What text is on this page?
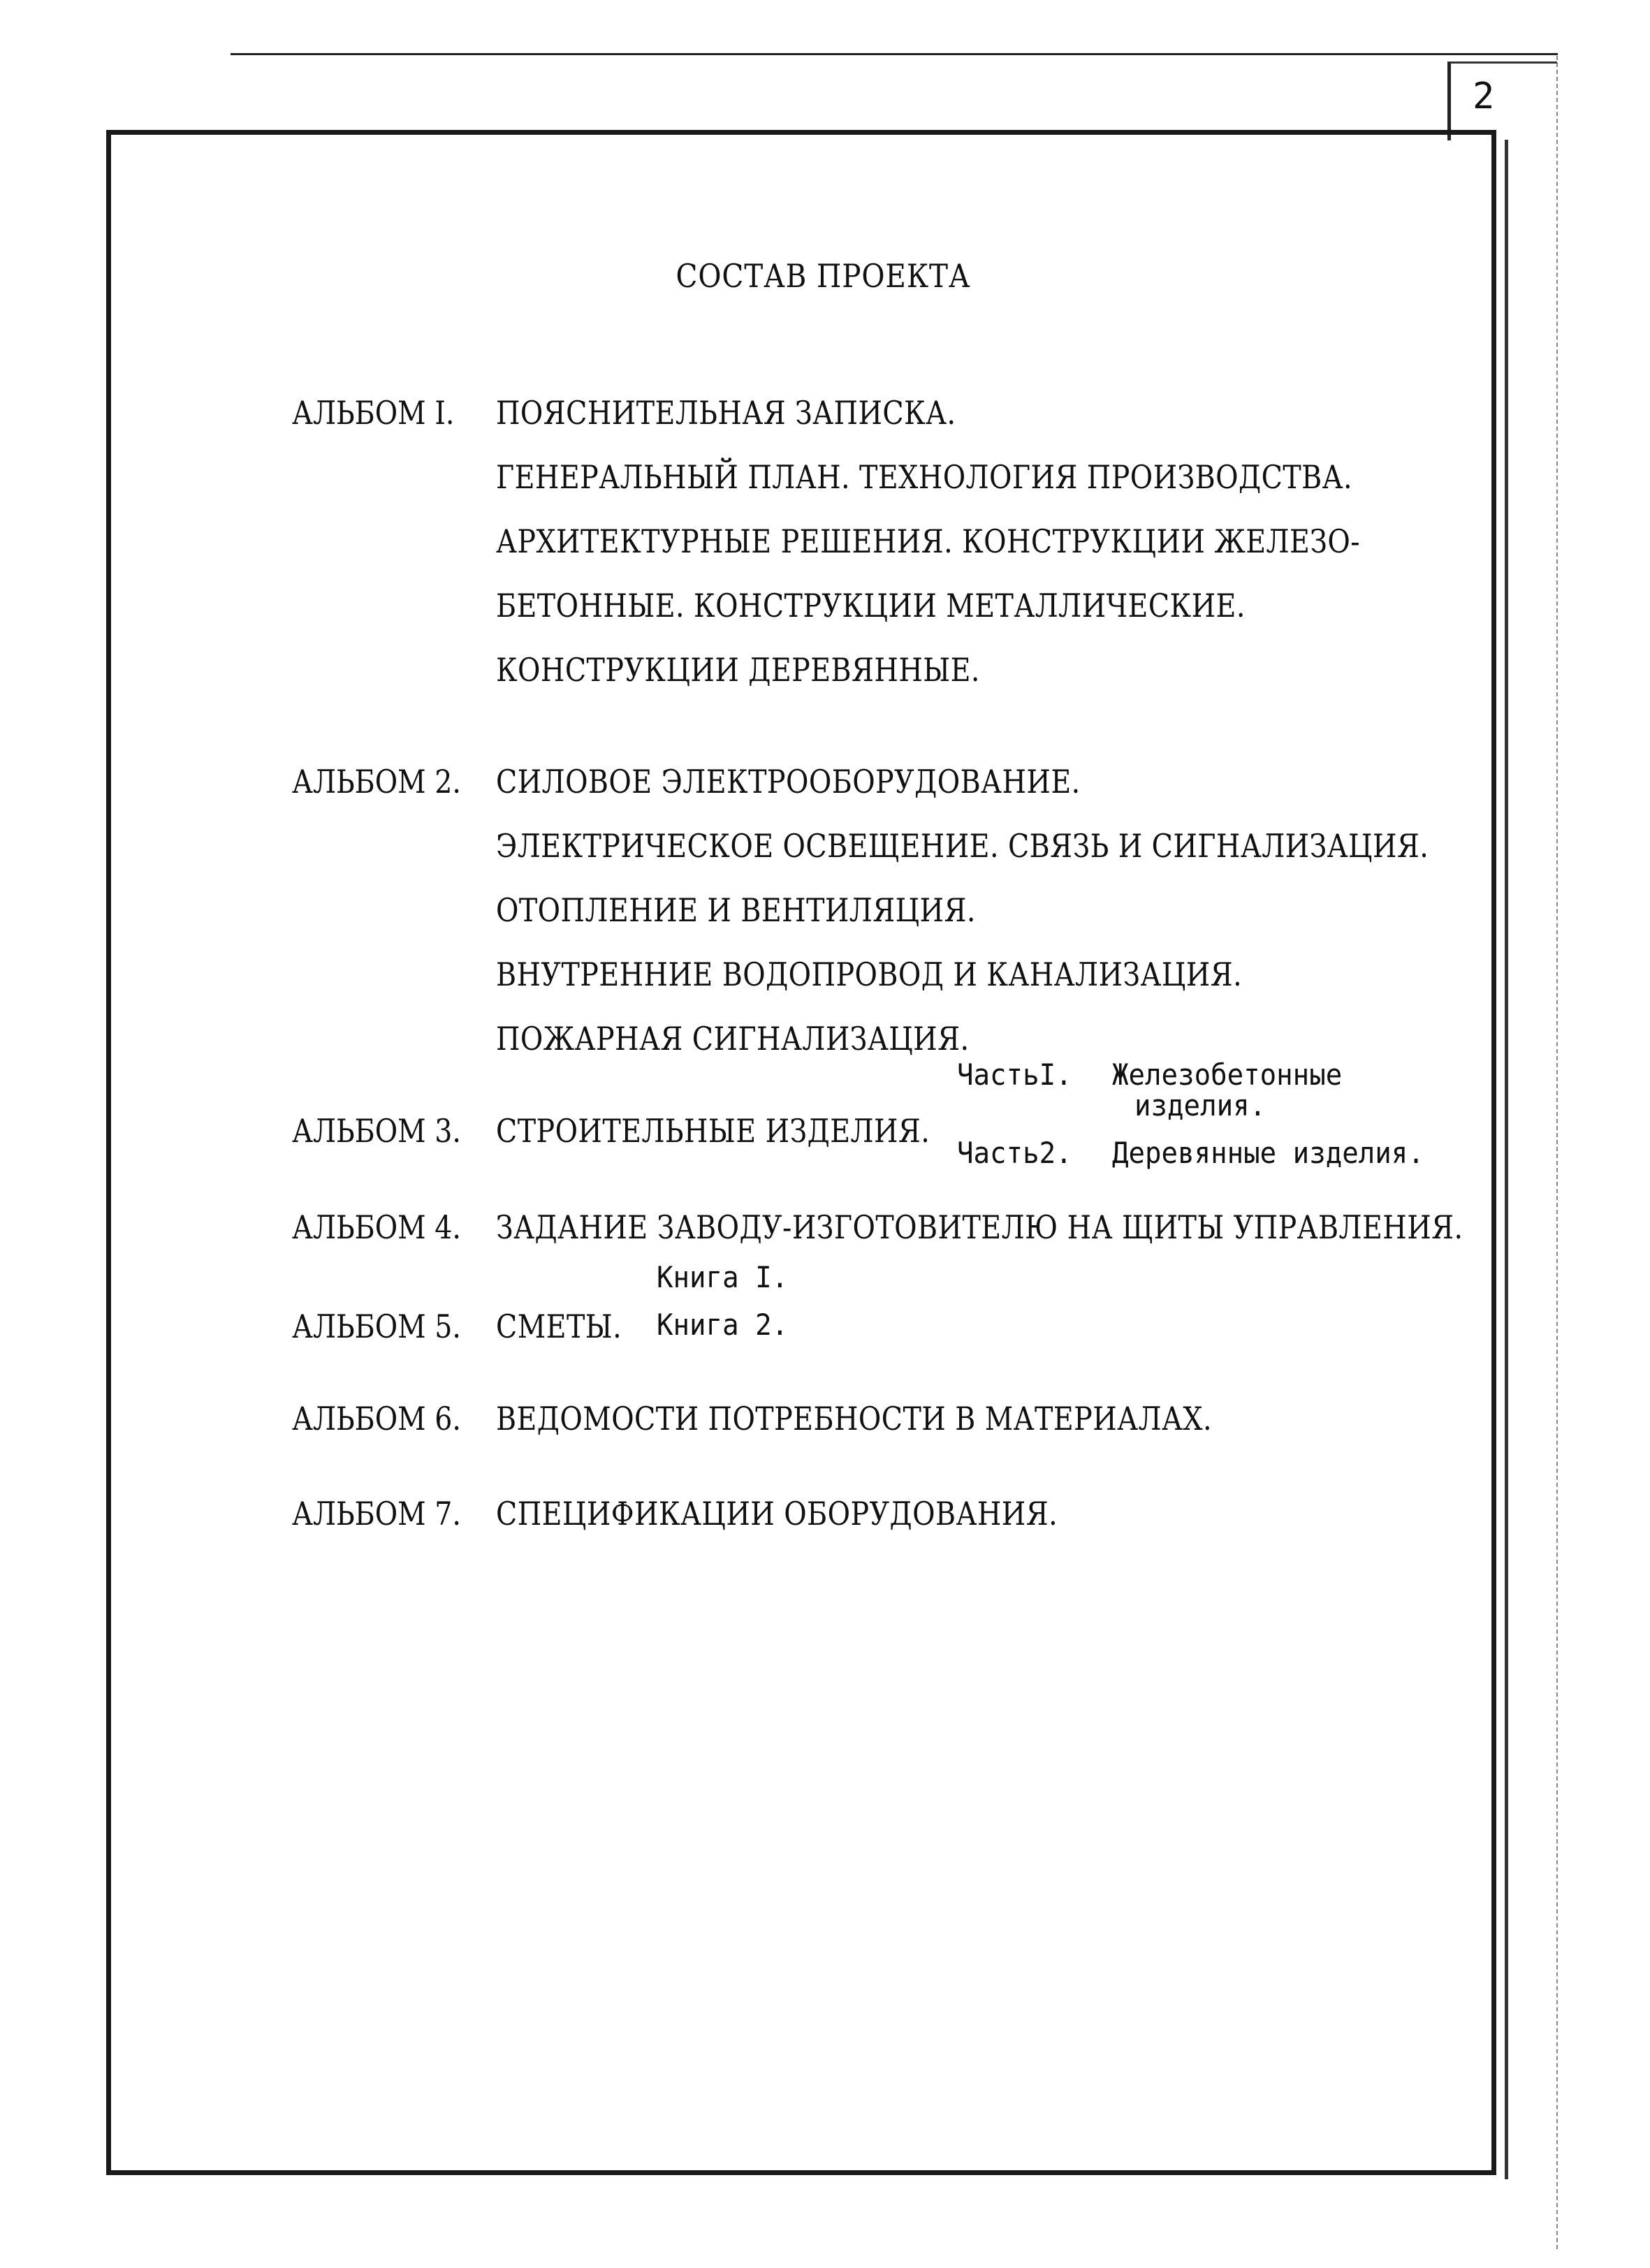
2
СОСТАВ ПРОЕКТА
АЛЬБОМ I. ПОЯСНИТЕЛЬНАЯ ЗАПИСКА.
ГЕНЕРАЛЬНЫЙ ПЛАН. ТЕХНОЛОГИЯ ПРОИЗВОДСТВА.
АРХИТЕКТУРНЫЕ РЕШЕНИЯ. КОНСТРУКЦИИ ЖЕЛЕЗО-
БЕТОННЫЕ. КОНСТРУКЦИИ МЕТАЛЛИЧЕСКИЕ.
КОНСТРУКЦИИ ДЕРЕВЯННЫЕ.
АЛЬБОМ 2. СИЛОВОЕ ЭЛЕКТРООБОРУДОВАНИЕ.
ЭЛЕКТРИЧЕСКОЕ ОСВЕЩЕНИЕ. СВЯЗЬ И СИГНАЛИЗАЦИЯ.
ОТОПЛЕНИЕ И ВЕНТИЛЯЦИЯ.
ВНУТРЕННИЕ ВОДОПРОВОД И КАНАЛИЗАЦИЯ.
ПОЖАРНАЯ СИГНАЛИЗАЦИЯ.
ЧастьI. Железобетонные
изделия.
АЛЬБОМ 3. СТРОИТЕЛЬНЫЕ ИЗДЕЛИЯ.
Часть2. Деревянные изделия.
АЛЬБОМ 4. ЗАДАНИЕ ЗАВОДУ-ИЗГОТОВИТЕЛЮ НА ЩИТЫ УПРАВЛЕНИЯ.
Книга I.
АЛЬБОМ 5. СМЕТЫ. Книга 2.
АЛЬБОМ 6. ВЕДОМОСТИ ПОТРЕБНОСТИ В МАТЕРИАЛАХ.
АЛЬБОМ 7. СПЕЦИФИКАЦИИ ОБОРУДОВАНИЯ.
